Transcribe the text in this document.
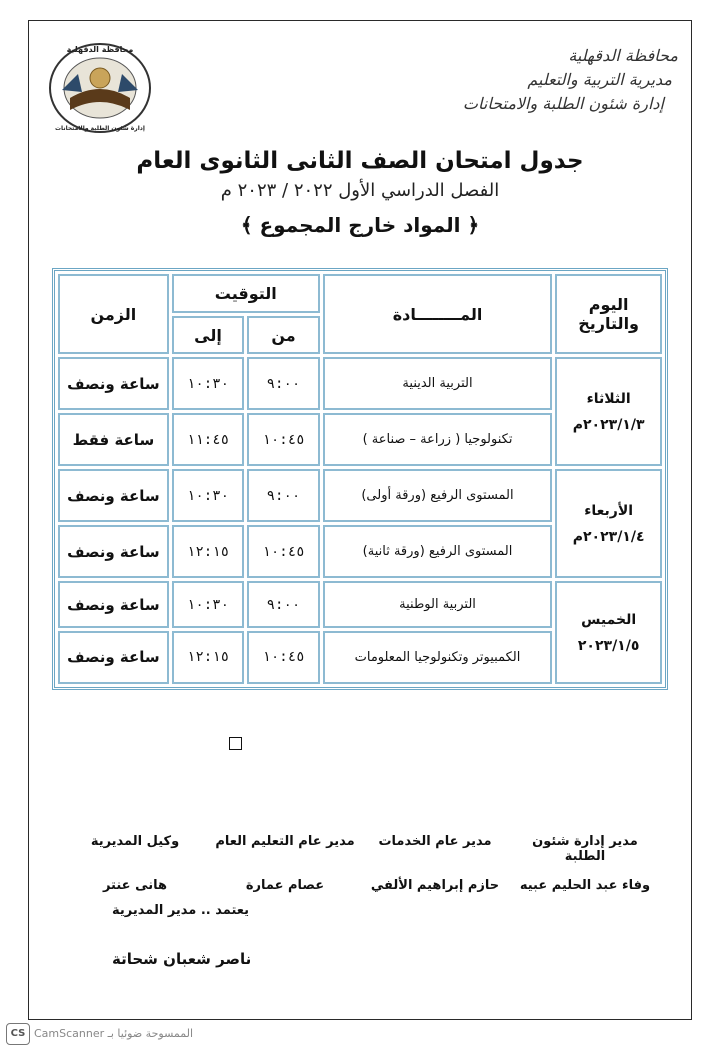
محافظة الدقهلية
إدارة شئون الطلبة والامتحانات
محافظة الدقهلية
مديرية التربية والتعليم
إدارة شئون الطلبة والامتحانات
جدول امتحان الصف الثانى الثانوى العام
الفصل الدراسي الأول ٢٠٢٢ / ٢٠٢٣ م
﴿ المواد خارج المجموع ﴾
اليوم والتاريخ	المــــــــادة	التوقيت		الزمن
		من	إلى	

الثلاثاء
٢٠٢٣/١/٣م	التربية الدينية	٩:٠٠	١٠:٣٠	ساعة ونصف
	تكنولوجيا ( زراعة – صناعة )	١٠:٤٥	١١:٤٥	ساعة فقط

الأربعاء
٢٠٢٣/١/٤م	المستوى الرفيع (ورقة أولى)	٩:٠٠	١٠:٣٠	ساعة ونصف
	المستوى الرفيع (ورقة ثانية)	١٠:٤٥	١٢:١٥	ساعة ونصف

الخميس
٢٠٢٣/١/٥	التربية الوطنية	٩:٠٠	١٠:٣٠	ساعة ونصف
	الكمبيوتر وتكنولوجيا المعلومات	١٠:٤٥	١٢:١٥	ساعة ونصف
مدير إدارة شئون الطلبة
مدير عام الخدمات
مدير عام التعليم العام
وكيل المديرية
وفاء عبد الحليم عبيه
حازم إبراهيم الألفي
عصام عمارة
هانى عنتر
يعتمد .. مدير المديرية
ناصر شعبان شحاتة
CS الممسوحة ضوئيا بـ CamScanner
